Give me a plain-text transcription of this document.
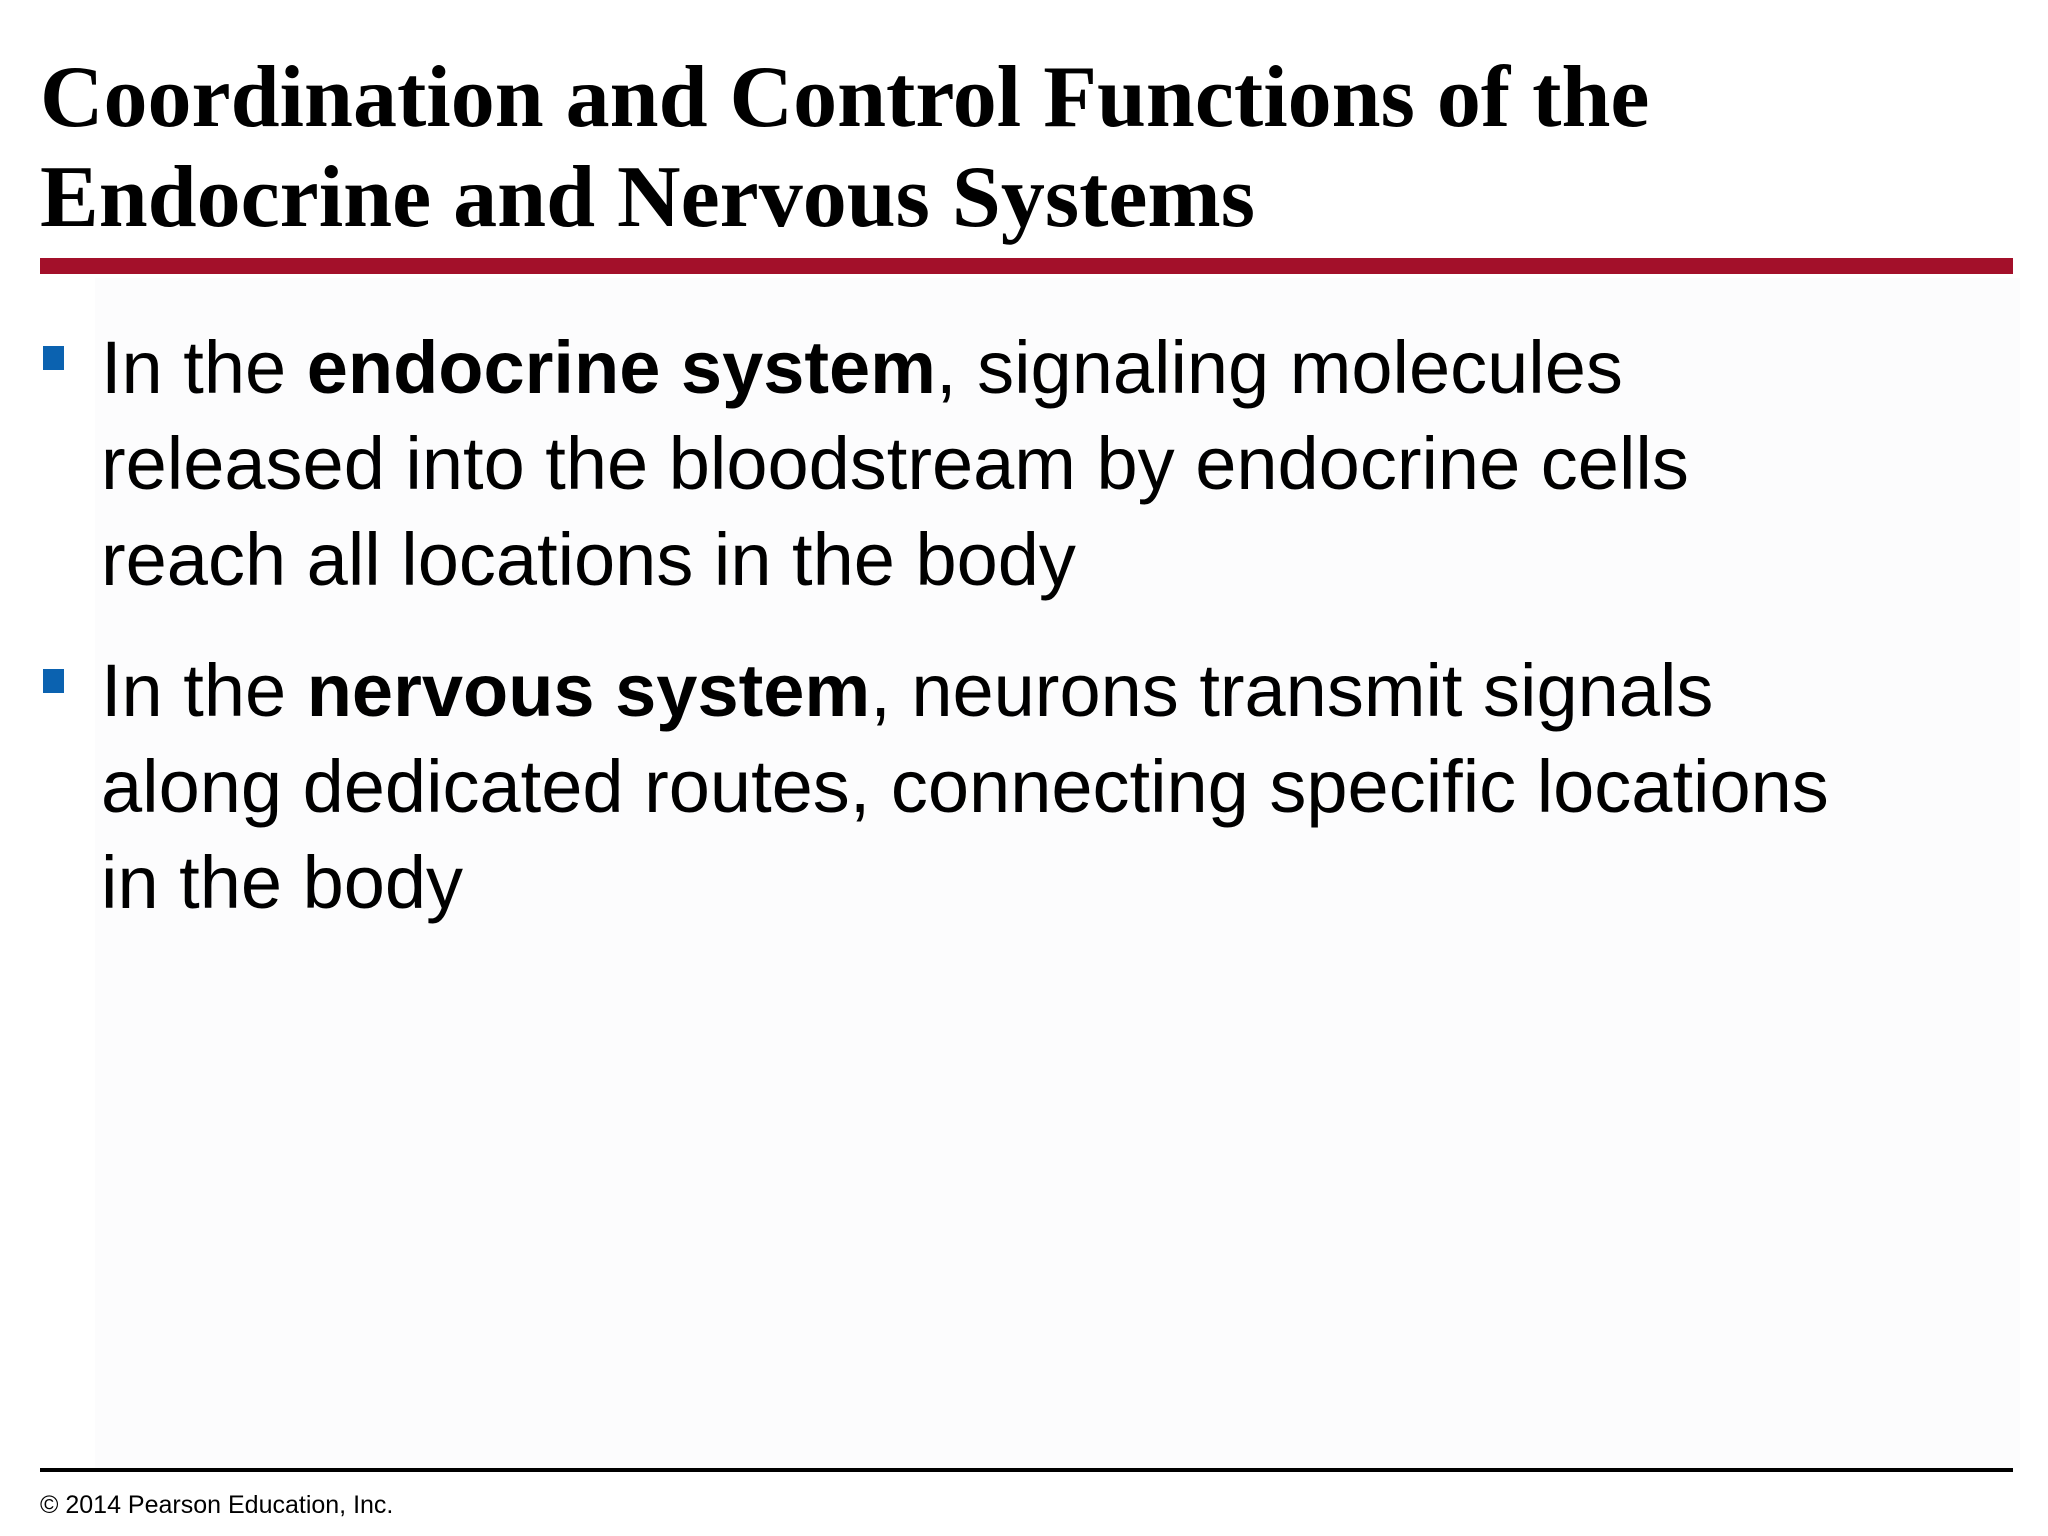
Coordination and Control Functions of the
Endocrine and Nervous Systems
In the endocrine system, signaling molecules
released into the bloodstream by endocrine cells
reach all locations in the body
In the nervous system, neurons transmit signals
along dedicated routes, connecting specific locations
in the body
© 2014 Pearson Education, Inc.
